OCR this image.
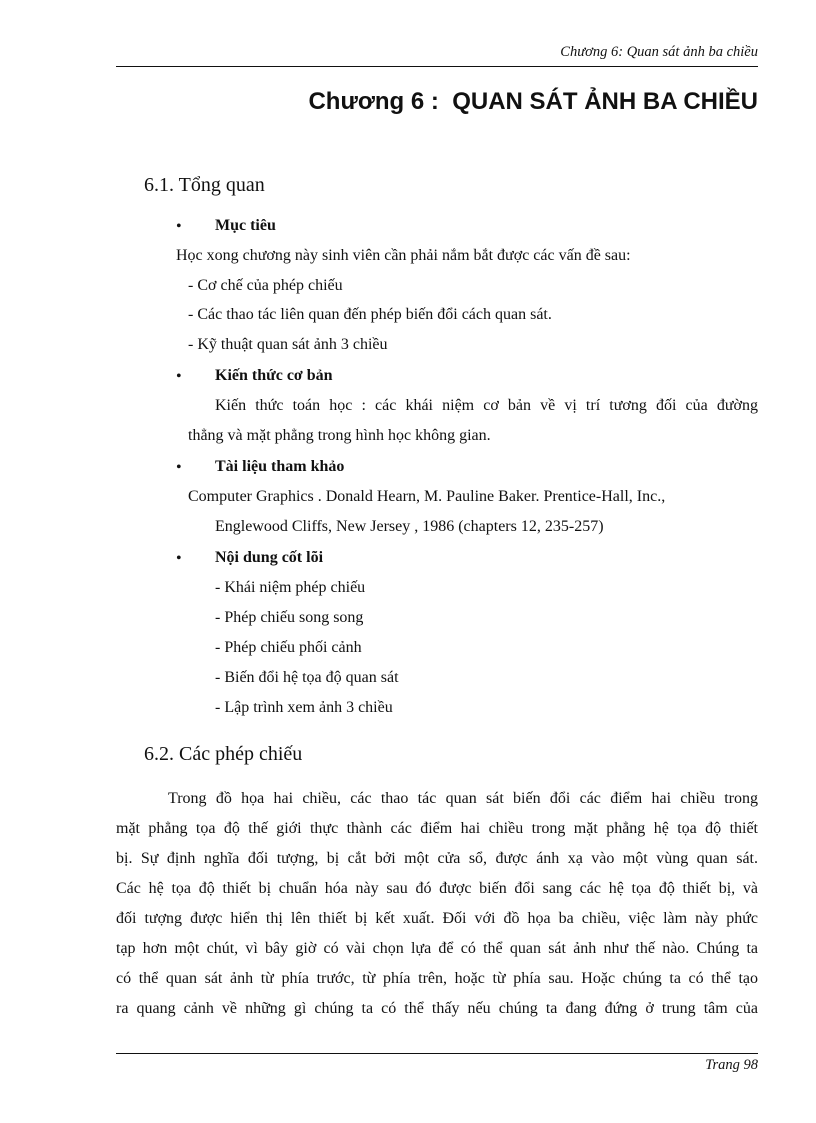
Chương 6: Quan sát ảnh ba chiều
Chương 6 :  QUAN SÁT ẢNH BA CHIỀU
6.1. Tổng quan
• Mục tiêu
Học xong chương này sinh viên cần phải nắm bắt được các vấn đề sau:
- Cơ chế của phép chiếu
- Các thao tác liên quan đến phép biến đổi cách quan sát.
- Kỹ thuật quan sát ảnh 3 chiều
• Kiến thức cơ bản
Kiến thức toán học : các khái niệm cơ bản về vị trí tương đối của đường
thẳng và mặt phẳng trong hình học không gian.
• Tài liệu tham khảo
Computer Graphics . Donald Hearn, M. Pauline Baker. Prentice-Hall, Inc.,
Englewood Cliffs, New Jersey , 1986 (chapters 12, 235-257)
• Nội dung cốt lõi
- Khái niệm phép chiếu
- Phép chiếu song song
- Phép chiếu phối cảnh
- Biến đổi hệ tọa độ quan sát
- Lập trình xem ảnh 3 chiều
6.2. Các phép chiếu
Trong đồ họa hai chiều, các thao tác quan sát biến đổi các điểm hai chiều trong
mặt phẳng tọa độ thế giới thực thành các điểm hai chiều trong mặt phẳng hệ tọa độ thiết
bị. Sự định nghĩa đối tượng, bị cắt bởi một cửa sổ, được ánh xạ vào một vùng quan sát.
Các hệ tọa độ thiết bị chuẩn hóa này sau đó được biến đổi sang các hệ tọa độ thiết bị, và
đối tượng được hiển thị lên thiết bị kết xuất. Đối với đồ họa ba chiều, việc làm này phức
tạp hơn một chút, vì bây giờ có vài chọn lựa để có thể quan sát ảnh như thế nào. Chúng ta
có thể quan sát ảnh từ phía trước, từ phía trên, hoặc từ phía sau. Hoặc chúng ta có thể tạo
ra quang cảnh về những gì chúng ta có thể thấy nếu chúng ta đang đứng ở trung tâm của
Trang 98
